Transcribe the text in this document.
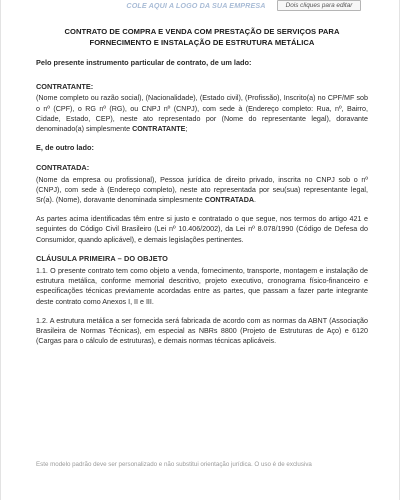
COLE AQUI A LOGO DA SUA EMPRESA	Dois cliques para editar
CONTRATO DE COMPRA E VENDA COM PRESTAÇÃO DE SERVIÇOS PARA
FORNECIMENTO E INSTALAÇÃO DE ESTRUTURA METÁLICA

Pelo presente instrumento particular de contrato, de um lado:

CONTRATANTE:

(Nome completo ou razão social), (Nacionalidade), (Estado civil), (Profissão), Inscrito(a) no CPF/MF sob o nº (CPF), o RG nº (RG), ou CNPJ nº (CNPJ), com sede à (Endereço completo: Rua, nº, Bairro, Cidade, Estado, CEP), neste ato representado por (Nome do representante legal), doravante denominado(a) simplesmente CONTRATANTE;

E, de outro lado:

CONTRATADA:

(Nome da empresa ou profissional), Pessoa jurídica de direito privado, inscrita no CNPJ sob o nº (CNPJ), com sede à (Endereço completo), neste ato representada por seu(sua) representante legal, Sr(a). (Nome), doravante denominada simplesmente CONTRATADA.

As partes acima identificadas têm entre si justo e contratado o que segue, nos termos do artigo 421 e seguintes do Código Civil Brasileiro (Lei nº 10.406/2002), da Lei nº 8.078/1990 (Código de Defesa do Consumidor, quando aplicável), e demais legislações pertinentes.

CLÁUSULA PRIMEIRA – DO OBJETO

1.1. O presente contrato tem como objeto a venda, fornecimento, transporte, montagem e instalação de estrutura metálica, conforme memorial descritivo, projeto executivo, cronograma físico-financeiro e especificações técnicas previamente acordadas entre as partes, que passam a fazer parte integrante deste contrato como Anexos I, II e III.

1.2. A estrutura metálica a ser fornecida será fabricada de acordo com as normas da ABNT (Associação Brasileira de Normas Técnicas), em especial as NBRs 8800 (Projeto de Estruturas de Aço) e 6120 (Cargas para o cálculo de estruturas), e demais normas técnicas aplicáveis.

Este modelo padrão deve ser personalizado e não substitui orientação jurídica. O uso é de exclusiva
